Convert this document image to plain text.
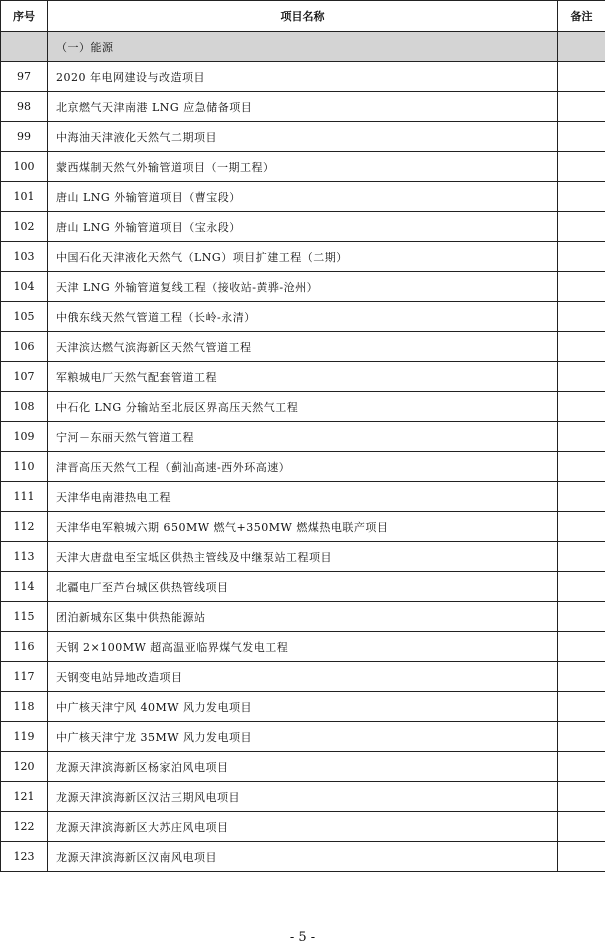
序号	项目名称	备注
	（一）能源	
97	2020 年电网建设与改造项目	
98	北京燃气天津南港 LNG 应急储备项目	
99	中海油天津液化天然气二期项目	
100	蒙西煤制天然气外输管道项目（一期工程）	
101	唐山 LNG 外输管道项目（曹宝段）	
102	唐山 LNG 外输管道项目（宝永段）	
103	中国石化天津液化天然气（LNG）项目扩建工程（二期）	
104	天津 LNG 外输管道复线工程（接收站-黄骅-沧州）	
105	中俄东线天然气管道工程（长岭-永清）	
106	天津滨达燃气滨海新区天然气管道工程	
107	军粮城电厂天然气配套管道工程	
108	中石化 LNG 分输站至北辰区界高压天然气工程	
109	宁河－东丽天然气管道工程	
110	津晋高压天然气工程（蓟汕高速-西外环高速）	
111	天津华电南港热电工程	
112	天津华电军粮城六期 650MW 燃气+350MW 燃煤热电联产项目	
113	天津大唐盘电至宝坻区供热主管线及中继泵站工程项目	
114	北疆电厂至芦台城区供热管线项目	
115	团泊新城东区集中供热能源站	
116	天钢 2×100MW 超高温亚临界煤气发电工程	
117	天钢变电站异地改造项目	
118	中广核天津宁风 40MW 风力发电项目	
119	中广核天津宁龙 35MW 风力发电项目	
120	龙源天津滨海新区杨家泊风电项目	
121	龙源天津滨海新区汉沽三期风电项目	
122	龙源天津滨海新区大苏庄风电项目	
123	龙源天津滨海新区汉南风电项目	
- 5 -
